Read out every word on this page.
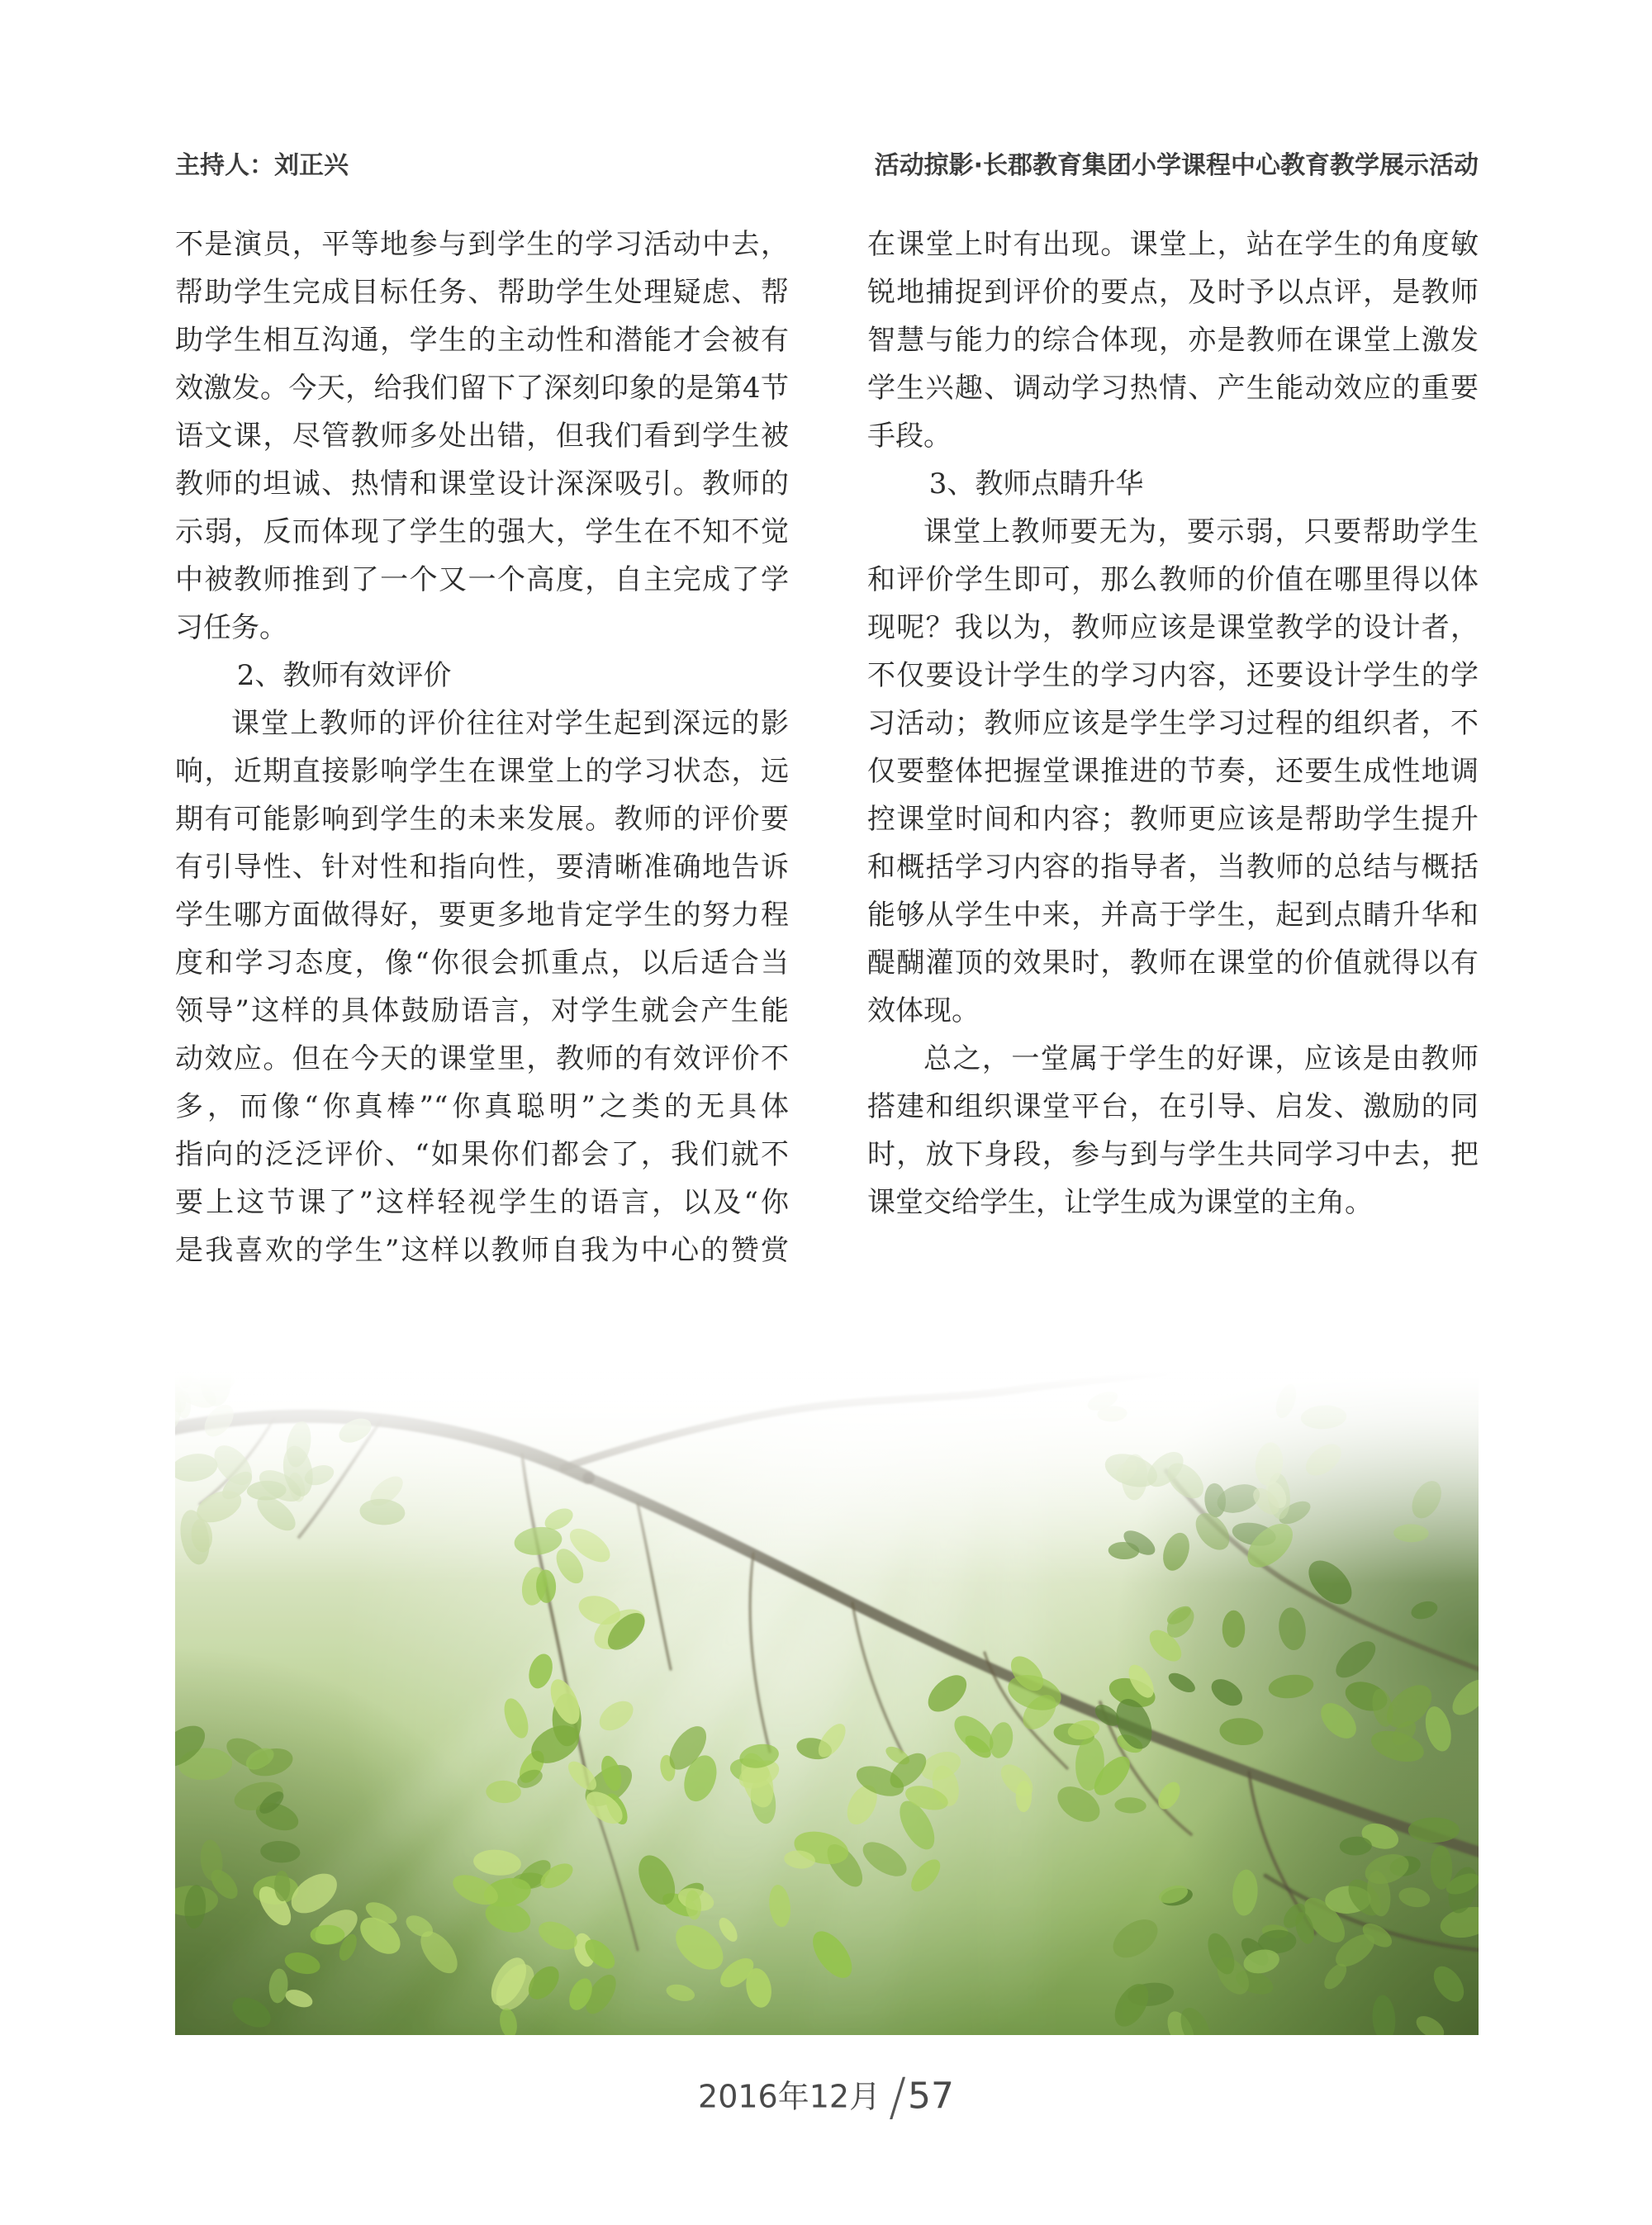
主持人：刘正兴	活动掠影·长郡教育集团小学课程中心教育教学展示活动
不是演员，平等地参与到学生的学习活动中去，
帮助学生完成目标任务、帮助学生处理疑虑、帮
助学生相互沟通，学生的主动性和潜能才会被有
效激发。今天，给我们留下了深刻印象的是第4节
语文课，尽管教师多处出错，但我们看到学生被
教师的坦诚、热情和课堂设计深深吸引。教师的
示弱，反而体现了学生的强大，学生在不知不觉
中被教师推到了一个又一个高度，自主完成了学
习任务。
2、教师有效评价
课堂上教师的评价往往对学生起到深远的影
响，近期直接影响学生在课堂上的学习状态，远
期有可能影响到学生的未来发展。教师的评价要
有引导性、针对性和指向性，要清晰准确地告诉
学生哪方面做得好，要更多地肯定学生的努力程
度和学习态度，像“你很会抓重点，以后适合当
领导”这样的具体鼓励语言，对学生就会产生能
动效应。但在今天的课堂里，教师的有效评价不
多，而像“你真棒”“你真聪明”之类的无具体
指向的泛泛评价、“如果你们都会了，我们就不
要上这节课了”这样轻视学生的语言，以及“你
是我喜欢的学生”这样以教师自我为中心的赞赏
在课堂上时有出现。课堂上，站在学生的角度敏
锐地捕捉到评价的要点，及时予以点评，是教师
智慧与能力的综合体现，亦是教师在课堂上激发
学生兴趣、调动学习热情、产生能动效应的重要
手段。
3、教师点睛升华
课堂上教师要无为，要示弱，只要帮助学生
和评价学生即可，那么教师的价值在哪里得以体
现呢？我以为，教师应该是课堂教学的设计者，
不仅要设计学生的学习内容，还要设计学生的学
习活动；教师应该是学生学习过程的组织者，不
仅要整体把握堂课推进的节奏，还要生成性地调
控课堂时间和内容；教师更应该是帮助学生提升
和概括学习内容的指导者，当教师的总结与概括
能够从学生中来，并高于学生，起到点睛升华和
醍醐灌顶的效果时，教师在课堂的价值就得以有
效体现。
总之，一堂属于学生的好课，应该是由教师
搭建和组织课堂平台，在引导、启发、激励的同
时，放下身段，参与到与学生共同学习中去，把
课堂交给学生，让学生成为课堂的主角。
2016年12月 /57
